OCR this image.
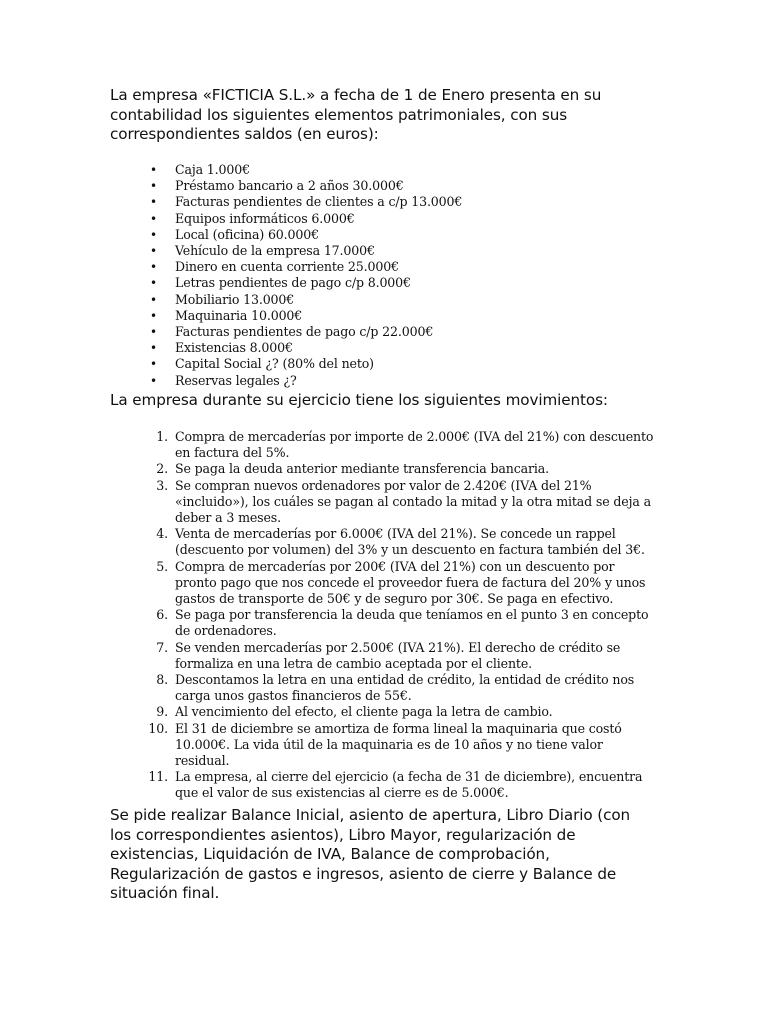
La empresa «FICTICIA S.L.» a fecha de 1 de Enero presenta en su contabilidad los siguientes elementos patrimoniales, con sus correspondientes saldos (en euros):

• Caja 1.000€
• Préstamo bancario a 2 años 30.000€
• Facturas pendientes de clientes a c/p 13.000€
• Equipos informáticos 6.000€
• Local (oficina) 60.000€
• Vehículo de la empresa 17.000€
• Dinero en cuenta corriente 25.000€
• Letras pendientes de pago c/p 8.000€
• Mobiliario 13.000€
• Maquinaria 10.000€
• Facturas pendientes de pago c/p 22.000€
• Existencias 8.000€
• Capital Social ¿? (80% del neto)
• Reservas legales ¿?

La empresa durante su ejercicio tiene los siguientes movimientos:

1. Compra de mercaderías por importe de 2.000€ (IVA del 21%) con descuento en factura del 5%.
2. Se paga la deuda anterior mediante transferencia bancaria.
3. Se compran nuevos ordenadores por valor de 2.420€ (IVA del 21% «incluido»), los cuáles se pagan al contado la mitad y la otra mitad se deja a deber a 3 meses.
4. Venta de mercaderías por 6.000€ (IVA del 21%). Se concede un rappel (descuento por volumen) del 3% y un descuento en factura también del 3€.
5. Compra de mercaderías por 200€ (IVA del 21%) con un descuento por pronto pago que nos concede el proveedor fuera de factura del 20% y unos gastos de transporte de 50€ y de seguro por 30€. Se paga en efectivo.
6. Se paga por transferencia la deuda que teníamos en el punto 3 en concepto de ordenadores.
7. Se venden mercaderías por 2.500€ (IVA 21%). El derecho de crédito se formaliza en una letra de cambio aceptada por el cliente.
8. Descontamos la letra en una entidad de crédito, la entidad de crédito nos carga unos gastos financieros de 55€.
9. Al vencimiento del efecto, el cliente paga la letra de cambio.
10. El 31 de diciembre se amortiza de forma lineal la maquinaria que costó 10.000€. La vida útil de la maquinaria es de 10 años y no tiene valor residual.
11. La empresa, al cierre del ejercicio (a fecha de 31 de diciembre), encuentra que el valor de sus existencias al cierre es de 5.000€.

Se pide realizar Balance Inicial, asiento de apertura, Libro Diario (con los correspondientes asientos), Libro Mayor, regularización de existencias, Liquidación de IVA, Balance de comprobación, Regularización de gastos e ingresos, asiento de cierre y Balance de situación final.
